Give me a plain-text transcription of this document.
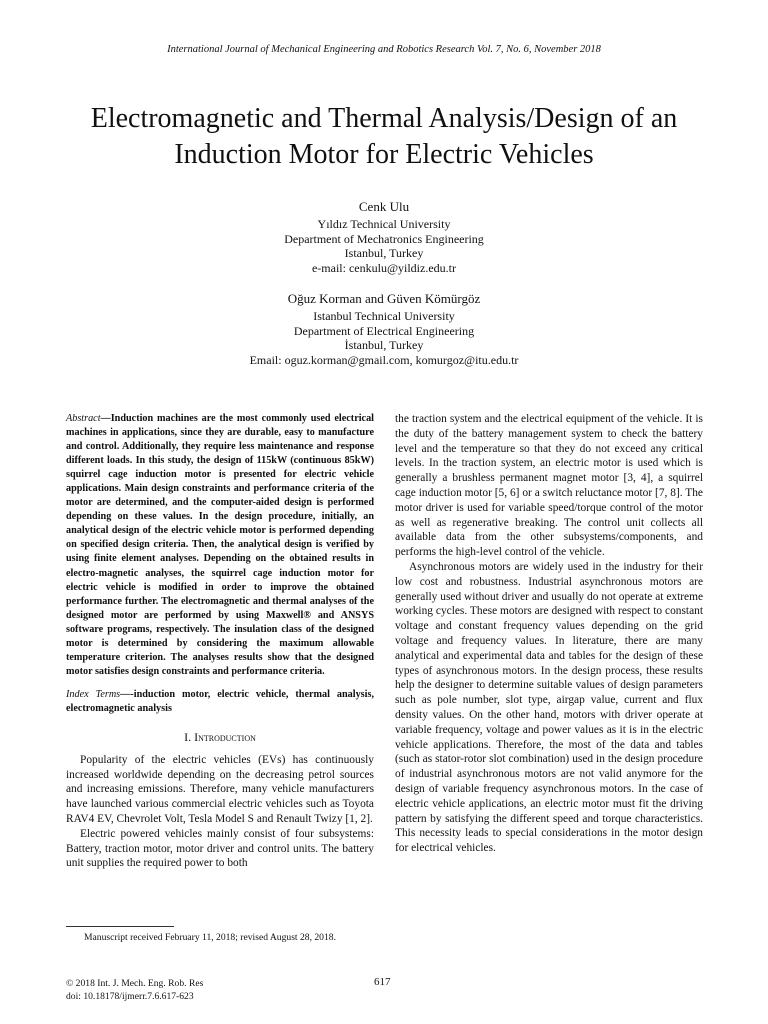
International Journal of Mechanical Engineering and Robotics Research Vol. 7, No. 6, November 2018
Electromagnetic and Thermal Analysis/Design of an Induction Motor for Electric Vehicles
Cenk Ulu
Yıldız Technical University
Department of Mechatronics Engineering
Istanbul, Turkey
e-mail: cenkulu@yildiz.edu.tr
Oğuz Korman and Güven Kömürgöz
Istanbul Technical University
Department of Electrical Engineering
İstanbul, Turkey
Email: oguz.korman@gmail.com, komurgoz@itu.edu.tr

Abstract—Induction machines are the most commonly used electrical machines in applications, since they are durable, easy to manufacture and control. Additionally, they require less maintenance and response different loads. In this study, the design of 115kW (continuous 85kW) squirrel cage induction motor is presented for electric vehicle applications. Main design constraints and performance criteria of the motor are determined, and the computer-aided design is performed depending on these values. In the design procedure, initially, an analytical design of the electric vehicle motor is performed depending on specified design criteria. Then, the analytical design is verified by using finite element analyses. Depending on the obtained results in electro-magnetic analyses, the squirrel cage induction motor for electric vehicle is modified in order to improve the obtained performance further. The electromagnetic and thermal analyses of the designed motor are performed by using Maxwell® and ANSYS software programs, respectively. The insulation class of the designed motor is determined by considering the maximum allowable temperature criterion. The analyses results show that the designed motor satisfies design constraints and performance criteria.

Index Terms—-induction motor, electric vehicle, thermal analysis, electromagnetic analysis

I. Introduction

Popularity of the electric vehicles (EVs) has continuously increased worldwide depending on the decreasing petrol sources and increasing emissions. Therefore, many vehicle manufacturers have launched various commercial electric vehicles such as Toyota RAV4 EV, Chevrolet Volt, Tesla Model S and Renault Twizy [1, 2].

Electric powered vehicles mainly consist of four subsystems: Battery, traction motor, motor driver and control units. The battery unit supplies the required power to both

the traction system and the electrical equipment of the vehicle. It is the duty of the battery management system to check the battery level and the temperature so that they do not exceed any critical levels. In the traction system, an electric motor is used which is generally a brushless permanent magnet motor [3, 4], a squirrel cage induction motor [5, 6] or a switch reluctance motor [7, 8]. The motor driver is used for variable speed/torque control of the motor as well as regenerative breaking. The control unit collects all available data from the other subsystems/components, and performs the high-level control of the vehicle.

Asynchronous motors are widely used in the industry for their low cost and robustness. Industrial asynchronous motors are generally used without driver and usually do not operate at extreme working cycles. These motors are designed with respect to constant voltage and constant frequency values depending on the grid voltage and frequency values. In literature, there are many analytical and experimental data and tables for the design of these types of asynchronous motors. In the design process, these results help the designer to determine suitable values of design parameters such as pole number, slot type, airgap value, current and flux density values. On the other hand, motors with driver operate at variable frequency, voltage and power values as it is in the electric vehicle applications. Therefore, the most of the data and tables (such as stator-rotor slot combination) used in the design procedure of industrial asynchronous motors are not valid anymore for the design of variable frequency asynchronous motors. In the case of electric vehicle applications, an electric motor must fit the driving pattern by satisfying the different speed and torque characteristics. This necessity leads to special considerations in the motor design for electrical vehicles.

Manuscript received February 11, 2018; revised August 28, 2018.
© 2018 Int. J. Mech. Eng. Rob. Res
doi: 10.18178/ijmerr.7.6.617-623
617
